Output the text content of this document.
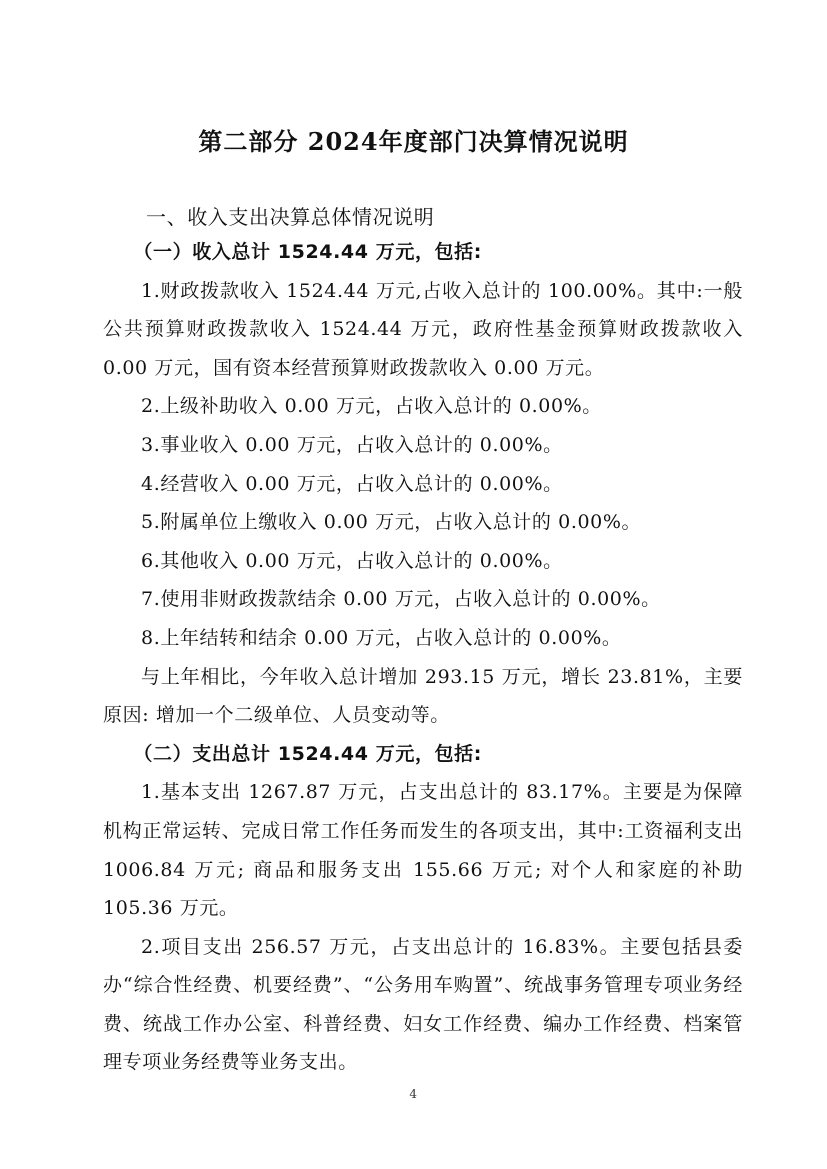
第二部分 2024年度部门决算情况说明
一、收入支出决算总体情况说明

（一）收入总计 1524.44 万元，包括:

1.财政拨款收入 1524.44 万元,占收入总计的 100.00%。其中:一般公共预算财政拨款收入 1524.44 万元，政府性基金预算财政拨款收入 0.00 万元，国有资本经营预算财政拨款收入 0.00 万元。

2.上级补助收入 0.00 万元，占收入总计的 0.00%。

3.事业收入 0.00 万元，占收入总计的 0.00%。

4.经营收入 0.00 万元，占收入总计的 0.00%。

5.附属单位上缴收入 0.00 万元，占收入总计的 0.00%。

6.其他收入 0.00 万元，占收入总计的 0.00%。

7.使用非财政拨款结余 0.00 万元，占收入总计的 0.00%。

8.上年结转和结余 0.00 万元，占收入总计的 0.00%。

与上年相比，今年收入总计增加 293.15 万元，增长 23.81%，主要原因: 增加一个二级单位、人员变动等。

（二）支出总计 1524.44 万元，包括:

1.基本支出 1267.87 万元，占支出总计的 83.17%。主要是为保障机构正常运转、完成日常工作任务而发生的各项支出，其中:工资福利支出 1006.84 万元; 商品和服务支出 155.66 万元; 对个人和家庭的补助 105.36 万元。

2.项目支出 256.57 万元，占支出总计的 16.83%。主要包括县委办“综合性经费、机要经费”、“公务用车购置”、统战事务管理专项业务经费、统战工作办公室、科普经费、妇女工作经费、编办工作经费、档案管理专项业务经费等业务支出。

4
